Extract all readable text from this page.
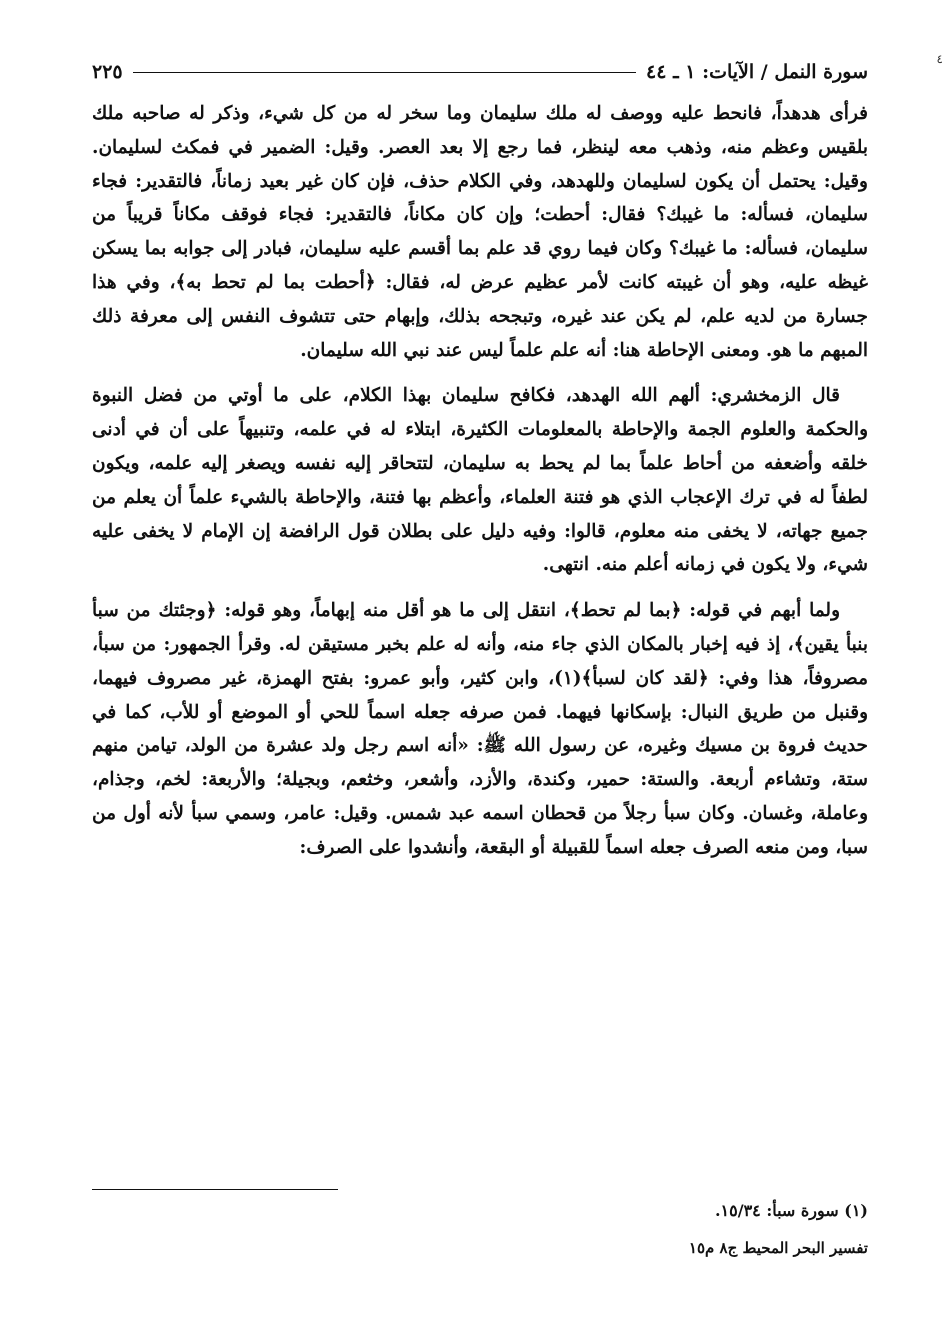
٤
سورة النمل / الآيات: ١ ـ ٤٤
٢٢٥

فرأى هدهداً، فانحط عليه ووصف له ملك سليمان وما سخر له من كل شيء، وذكر له صاحبه ملك بلقيس وعظم منه، وذهب معه لينظر، فما رجع إلا بعد العصر. وقيل: الضمير في فمكث لسليمان. وقيل: يحتمل أن يكون لسليمان وللهدهد، وفي الكلام حذف، فإن كان غير بعيد زماناً، فالتقدير: فجاء سليمان، فسأله: ما غيبك؟ فقال: أحطت؛ وإن كان مكاناً، فالتقدير: فجاء فوقف مكاناً قريباً من سليمان، فسأله: ما غيبك؟ وكان فيما روي قد علم بما أقسم عليه سليمان، فبادر إلى جوابه بما يسكن غيظه عليه، وهو أن غيبته كانت لأمر عظيم عرض له، فقال: ﴿أحطت بما لم تحط به﴾، وفي هذا جسارة من لديه علم، لم يكن عند غيره، وتبجحه بذلك، وإبهام حتى تتشوف النفس إلى معرفة ذلك المبهم ما هو. ومعنى الإحاطة هنا: أنه علم علماً ليس عند نبي الله سليمان.

قال الزمخشري: ألهم الله الهدهد، فكافح سليمان بهذا الكلام، على ما أوتي من فضل النبوة والحكمة والعلوم الجمة والإحاطة بالمعلومات الكثيرة، ابتلاء له في علمه، وتنبيهاً على أن في أدنى خلقه وأضعفه من أحاط علماً بما لم يحط به سليمان، لتتحاقر إليه نفسه ويصغر إليه علمه، ويكون لطفاً له في ترك الإعجاب الذي هو فتنة العلماء، وأعظم بها فتنة، والإحاطة بالشيء علماً أن يعلم من جميع جهاته، لا يخفى منه معلوم، قالوا: وفيه دليل على بطلان قول الرافضة إن الإمام لا يخفى عليه شيء، ولا يكون في زمانه أعلم منه. انتهى.

ولما أبهم في قوله: ﴿بما لم تحط﴾، انتقل إلى ما هو أقل منه إبهاماً، وهو قوله: ﴿وجئتك من سبأ بنبأ يقين﴾، إذ فيه إخبار بالمكان الذي جاء منه، وأنه له علم بخبر مستيقن له. وقرأ الجمهور: من سبأ، مصروفاً، هذا وفي: ﴿لقد كان لسبأ﴾(١)، وابن كثير، وأبو عمرو: بفتح الهمزة، غير مصروف فيهما، وقنبل من طريق النبال: بإسكانها فيهما. فمن صرفه جعله اسماً للحي أو الموضع أو للأب، كما في حديث فروة بن مسيك وغيره، عن رسول الله ﷺ: «أنه اسم رجل ولد عشرة من الولد، تيامن منهم ستة، وتشاءم أربعة. والستة: حمير، وكندة، والأزد، وأشعر، وخثعم، وبجيلة؛ والأربعة: لخم، وجذام، وعاملة، وغسان. وكان سبأ رجلاً من قحطان اسمه عبد شمس. وقيل: عامر، وسمي سبأ لأنه أول من سبا، ومن منعه الصرف جعله اسماً للقبيلة أو البقعة، وأنشدوا على الصرف:

(١) سورة سبأ: ١٥/٣٤.
تفسير البحر المحيط ج٨ م١٥
